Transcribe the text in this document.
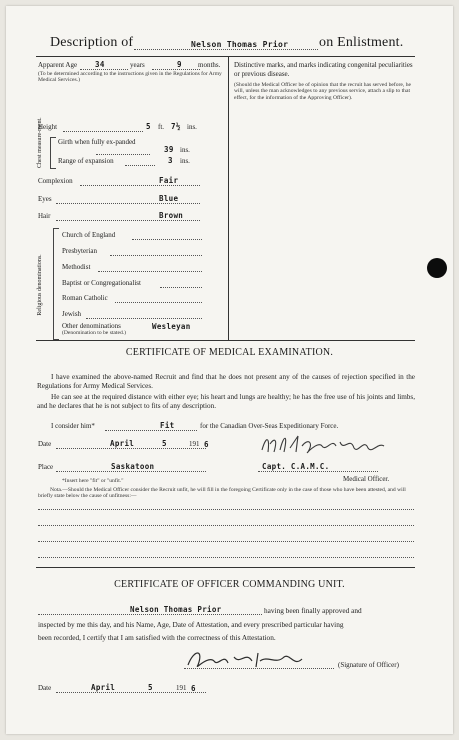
Description of	Nelson Thomas Prior on Enlistment.
Apparent Age 34	years	9 months.
(To be determined according to the instructions given in the Regulations for Army Medical Services.)
Distinctive marks, and marks indicating congenital peculiarities or previous disease.
(Should the Medical Officer be of opinion that the recruit has served before, he will, unless the man acknowledges to any previous service, attach a slip to that effect, for the information of the Approving Officer).
Height	5 ft. 7½ ins.
Chest measure-ment. Girth when fully ex-panded
39 ins.
Range of expansion	3 ins.
Complexion	Fair
Eyes	Blue
Hair	Brown
Religious denominations.
Church of England
Presbyterian
Methodist
Baptist or Congregationalist
Roman Catholic
Jewish
Other denominations
(Denomination to be stated.)
Wesleyan
CERTIFICATE OF MEDICAL EXAMINATION.
I have examined the above-named Recruit and find that he does not present any of the causes of rejection specified in the Regulations for Army Medical Services.
He can see at the required distance with either eye; his heart and lungs are healthy; he has the free use of his joints and limbs, and he declares that he is not subject to fits of any description.
I consider him*	Fit	for the Canadian Over-Seas Expeditionary Force.
Date	April	5	191 6
Place	Saskatoon	Capt. C.A.M.C.
Medical Officer.
*Insert here "fit" or "unfit."
Nota.—Should the Medical Officer consider the Recruit unfit, he will fill in the foregoing Certificate only in the case of those who have been attested, and will briefly state below the cause of unfitness:—
CERTIFICATE OF OFFICER COMMANDING UNIT.
Nelson Thomas Prior	having been finally approved and
inspected by me this day, and his Name, Age, Date of Attestation, and every prescribed particular having
been recorded, I certify that I am satisfied with the correctness of this Attestation.
(Signature of Officer)
Date	April	5	191 6
